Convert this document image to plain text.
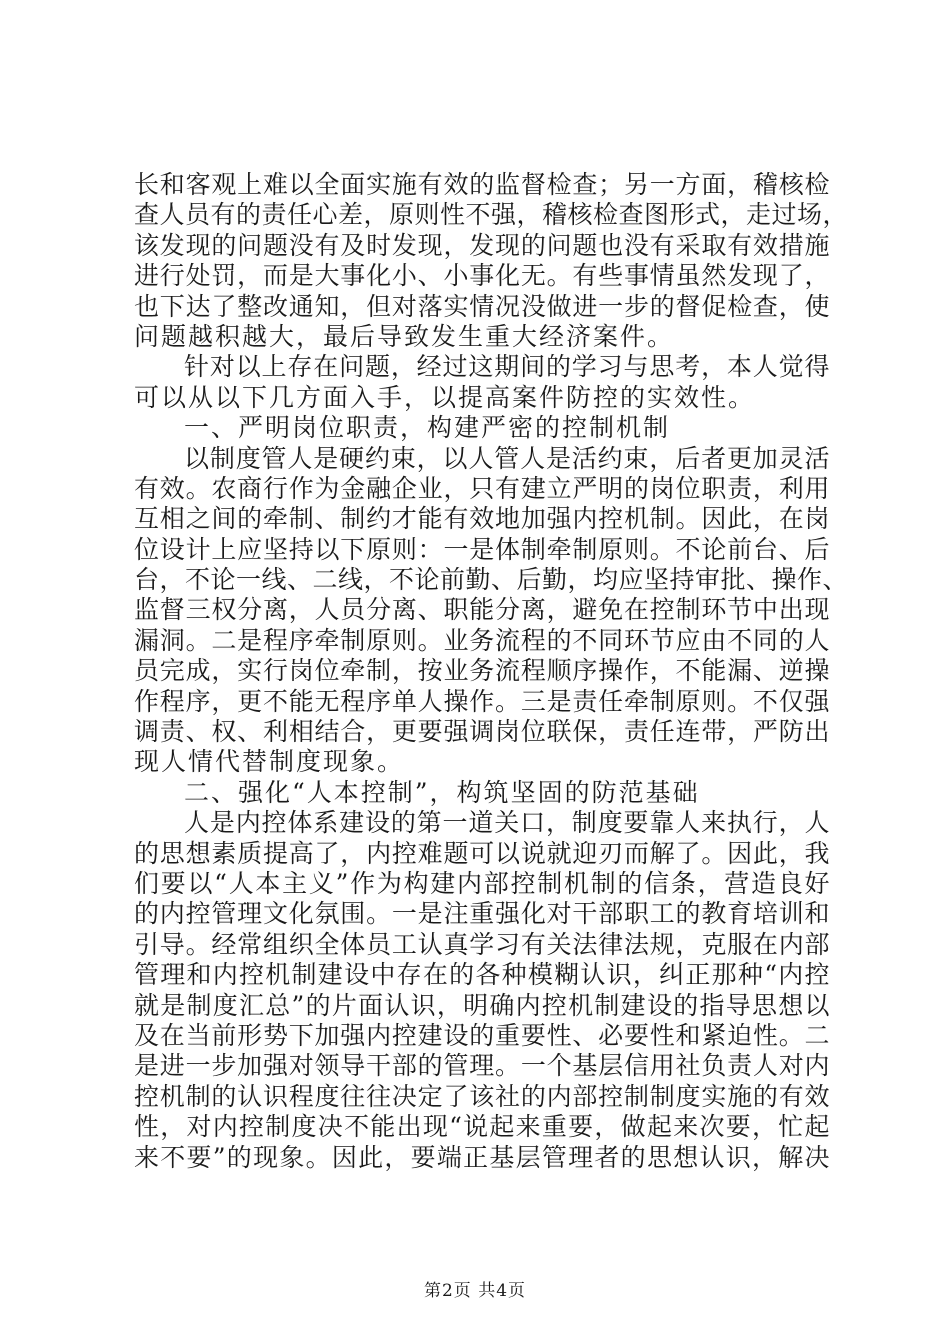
长和客观上难以全面实施有效的监督检查；另一方面，稽核检
查人员有的责任心差，原则性不强，稽核检查图形式，走过场，
该发现的问题没有及时发现，发现的问题也没有采取有效措施
进行处罚，而是大事化小、小事化无。有些事情虽然发现了，
也下达了整改通知，但对落实情况没做进一步的督促检查，使
问题越积越大，最后导致发生重大经济案件。
针对以上存在问题，经过这期间的学习与思考，本人觉得
可以从以下几方面入手，以提高案件防控的实效性。
一、严明岗位职责，构建严密的控制机制
以制度管人是硬约束，以人管人是活约束，后者更加灵活
有效。农商行作为金融企业，只有建立严明的岗位职责，利用
互相之间的牵制、制约才能有效地加强内控机制。因此，在岗
位设计上应坚持以下原则：一是体制牵制原则。不论前台、后
台，不论一线、二线，不论前勤、后勤，均应坚持审批、操作、
监督三权分离，人员分离、职能分离，避免在控制环节中出现
漏洞。二是程序牵制原则。业务流程的不同环节应由不同的人
员完成，实行岗位牵制，按业务流程顺序操作，不能漏、逆操
作程序，更不能无程序单人操作。三是责任牵制原则。不仅强
调责、权、利相结合，更要强调岗位联保，责任连带，严防出
现人情代替制度现象。
二、强化“人本控制”，构筑坚固的防范基础
人是内控体系建设的第一道关口，制度要靠人来执行，人
的思想素质提高了，内控难题可以说就迎刃而解了。因此，我
们要以“人本主义”作为构建内部控制机制的信条，营造良好
的内控管理文化氛围。一是注重强化对干部职工的教育培训和
引导。经常组织全体员工认真学习有关法律法规，克服在内部
管理和内控机制建设中存在的各种模糊认识，纠正那种“内控
就是制度汇总”的片面认识，明确内控机制建设的指导思想以
及在当前形势下加强内控建设的重要性、必要性和紧迫性。二
是进一步加强对领导干部的管理。一个基层信用社负责人对内
控机制的认识程度往往决定了该社的内部控制制度实施的有效
性，对内控制度决不能出现“说起来重要，做起来次要，忙起
来不要”的现象。因此，要端正基层管理者的思想认识，解决
第2页 共4页
